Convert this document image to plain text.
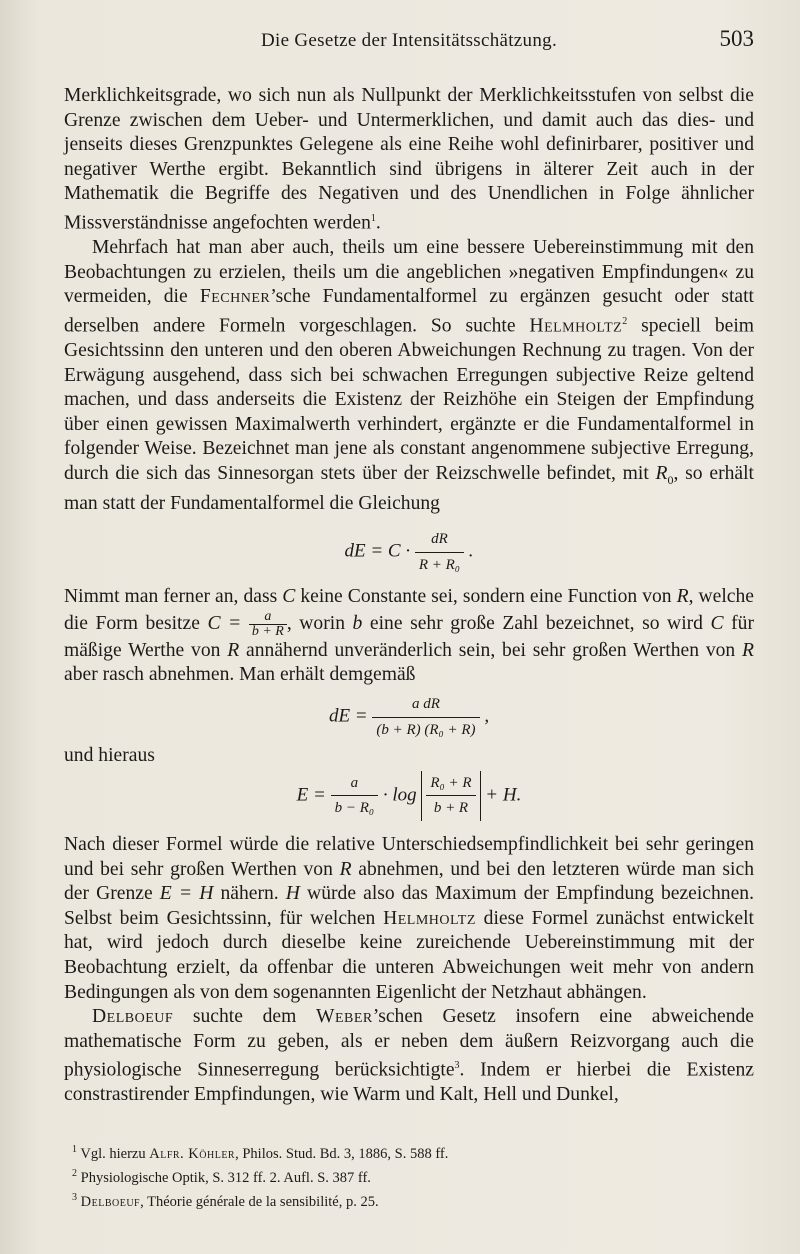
Die Gesetze der Intensitätsschätzung.	503

Merklichkeitsgrade, wo sich nun als Nullpunkt der Merklichkeitsstufen von selbst die Grenze zwischen dem Ueber- und Untermerklichen, und damit auch das dies- und jenseits dieses Grenzpunktes Gelegene als eine Reihe wohl definirbarer, positiver und negativer Werthe ergibt. Bekanntlich sind übrigens in älterer Zeit auch in der Mathematik die Begriffe des Negativen und des Unendlichen in Folge ähnlicher Missverständnisse angefochten werden$^1$.

Mehrfach hat man aber auch, theils um eine bessere Uebereinstimmung mit den Beobachtungen zu erzielen, theils um die angeblichen »negativen Empfindungen« zu vermeiden, die Fechner’sche Fundamentalformel zu ergänzen gesucht oder statt derselben andere Formeln vorgeschlagen. So suchte Helmholtz$^2$ speciell beim Gesichtssinn den unteren und den oberen Abweichungen Rechnung zu tragen. Von der Erwägung ausgehend, dass sich bei schwachen Erregungen subjective Reize geltend machen, und dass anderseits die Existenz der Reizhöhe ein Steigen der Empfindung über einen gewissen Maximalwerth verhindert, ergänzte er die Fundamentalformel in folgender Weise. Bezeichnet man jene als constant angenommene subjective Erregung, durch die sich das Sinnesorgan stets über der Reizschwelle befindet, mit $R_0$, so erhält man statt der Fundamentalformel die Gleichung

dE = $C \cdot \frac{dR}{\text{R + R₀}}$ .

Nimmt man ferner an, dass C keine Constante sei, sondern eine Function von R, welche die Form besitze $C = \frac{a}{b + R}$ , worin b eine sehr große Zahl bezeichnet, so wird C für mäßige Werthe von R annähernd unveränderlich sein, bei sehr großen Werthen von R aber rasch abnehmen. Man erhält demgemäß

dE = $\frac{\text{a dR}}{\text{(b + R) (R₀ + R)}}$ ,

und hieraus

$E = \frac{a}{\text{b − R₀}} \cdot \log \frac{\text{R₀ + R}}{b + R} + H$.

Nach dieser Formel würde die relative Unterschiedsempfindlichkeit bei sehr geringen und bei sehr großen Werthen von R abnehmen, und bei den letzteren würde man sich der Grenze E = H nähern. H würde also das Maximum der Empfindung bezeichnen. Selbst beim Gesichtssinn, für welchen Helmholtz diese Formel zunächst entwickelt hat, wird jedoch durch dieselbe keine zureichende Uebereinstimmung mit der Beobachtung erzielt, da offenbar die unteren Abweichungen weit mehr von andern Bedingungen als von dem sogenannten Eigenlicht der Netzhaut abhängen.

Delboeuf suchte dem Weber’schen Gesetz insofern eine abweichende mathematische Form zu geben, als er neben dem äußern Reizvorgang auch die physiologische Sinneserregung berücksichtigte$^3$. Indem er hierbei die Existenz constrastirender Empfindungen, wie Warm und Kalt, Hell und Dunkel,

$^1$ Vgl. hierzu Alfr. Köhler, Philos. Stud. Bd. 3, 1886, S. 588 ff.
$^2$ Physiologische Optik, S. 312 ff. 2. Aufl. S. 387 ff.
$^3$ Delboeuf, Théorie générale de la sensibilité, p. 25.
